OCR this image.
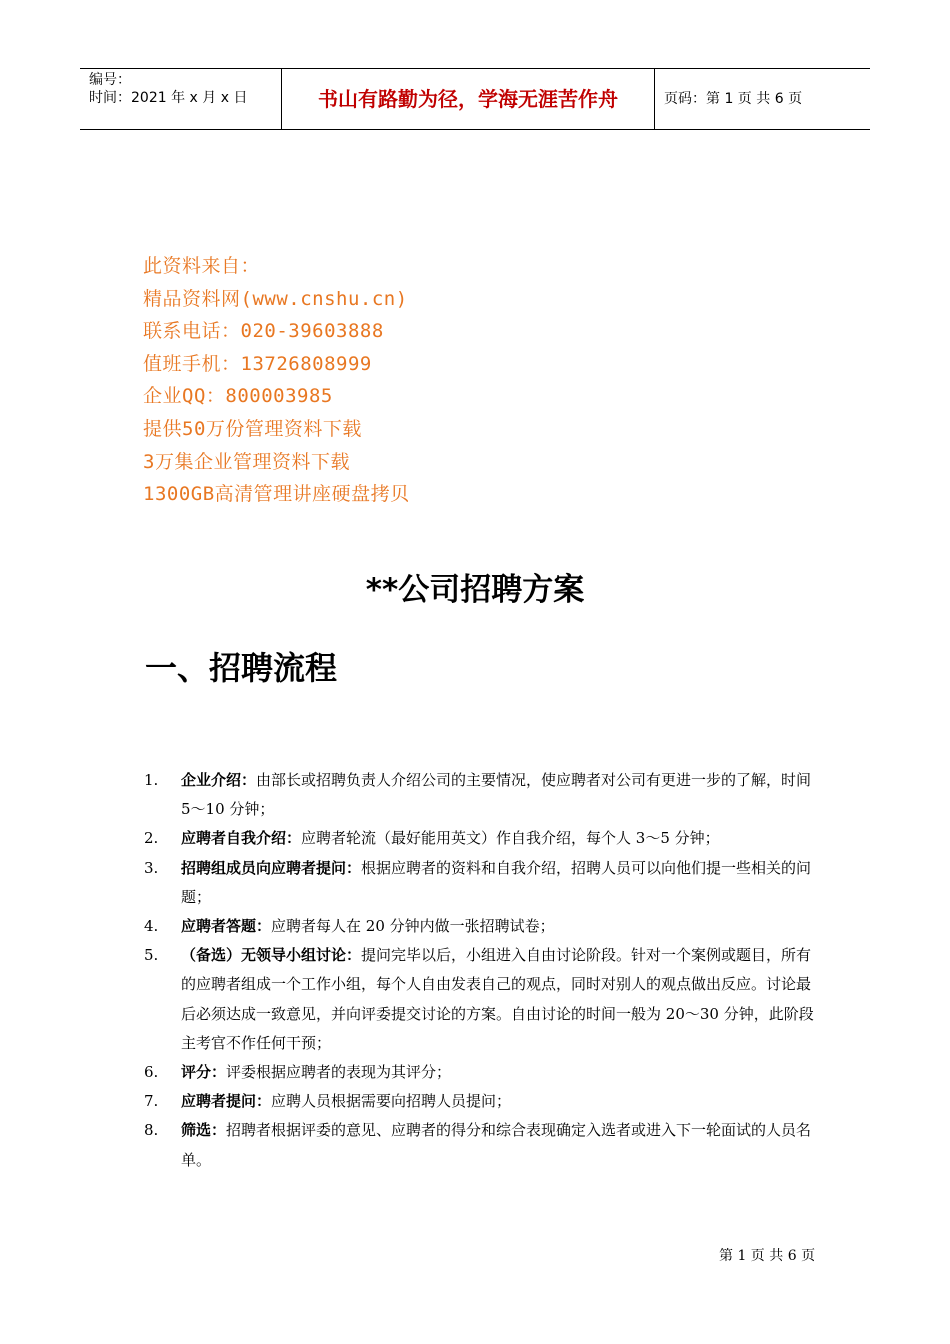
编号：
时间：2021 年 x 月 x 日	书山有路勤为径，学海无涯苦作舟	页码：第 1 页 共 6 页
此资料来自：
精品资料网(www.cnshu.cn)
联系电话：020-39603888
值班手机：13726808999
企业QQ：800003985
提供50万份管理资料下载
3万集企业管理资料下载
1300GB高清管理讲座硬盘拷贝
**公司招聘方案
一、招聘流程
1. 企业介绍：由部长或招聘负责人介绍公司的主要情况，使应聘者对公司有更进一步的了解，时间 5～10 分钟；
2. 应聘者自我介绍：应聘者轮流（最好能用英文）作自我介绍，每个人 3～5 分钟；
3. 招聘组成员向应聘者提问：根据应聘者的资料和自我介绍，招聘人员可以向他们提一些相关的问题；
4. 应聘者答题：应聘者每人在 20 分钟内做一张招聘试卷；
5. （备选）无领导小组讨论：提问完毕以后，小组进入自由讨论阶段。针对一个案例或题目，所有的应聘者组成一个工作小组，每个人自由发表自己的观点，同时对别人的观点做出反应。讨论最后必须达成一致意见，并向评委提交讨论的方案。自由讨论的时间一般为 20～30 分钟，此阶段主考官不作任何干预；
6. 评分：评委根据应聘者的表现为其评分；
7. 应聘者提问：应聘人员根据需要向招聘人员提问；
8. 筛选：招聘者根据评委的意见、应聘者的得分和综合表现确定入选者或进入下一轮面试的人员名单。
第 1 页 共 6 页
